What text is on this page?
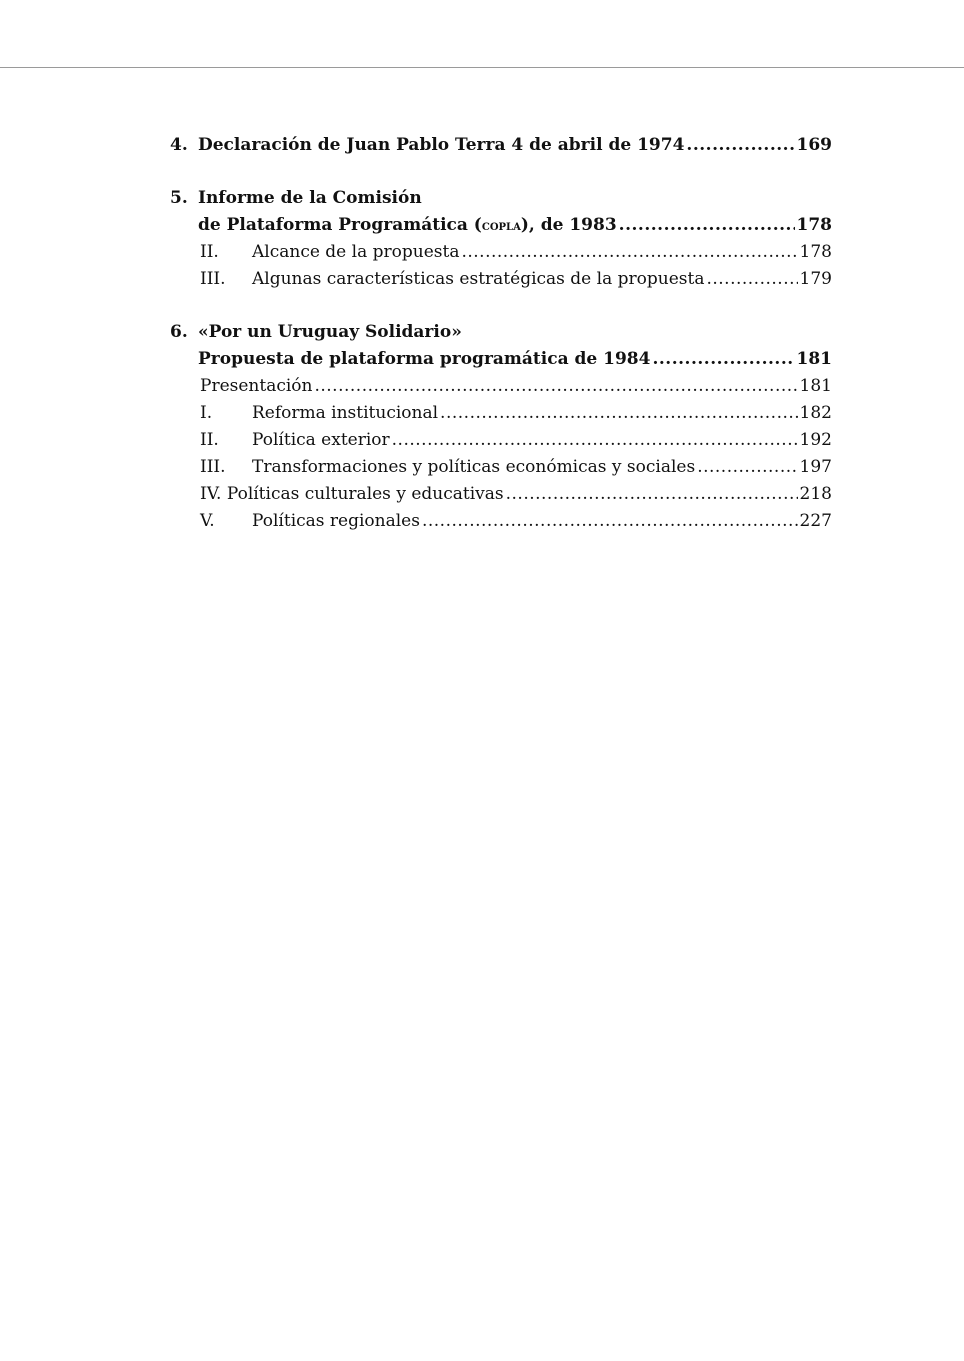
4. Declaración de Juan Pablo Terra 4 de abril de 1974 .....	169
5. Informe de la Comisión
de Plataforma Programática (copla), de 1983 .....	178
II.	Alcance de la propuesta .....	178
III.	Algunas características estratégicas de la propuesta .....	179
6. «Por un Uruguay Solidario»
Propuesta de plataforma programática de 1984 .....	181
Presentación .....	181
I.	Reforma institucional .....	182
II.	Política exterior .....	192
III.	Transformaciones y políticas económicas y sociales .....	197
IV. Políticas culturales y educativas .....	218
V.	Políticas regionales .....	227
